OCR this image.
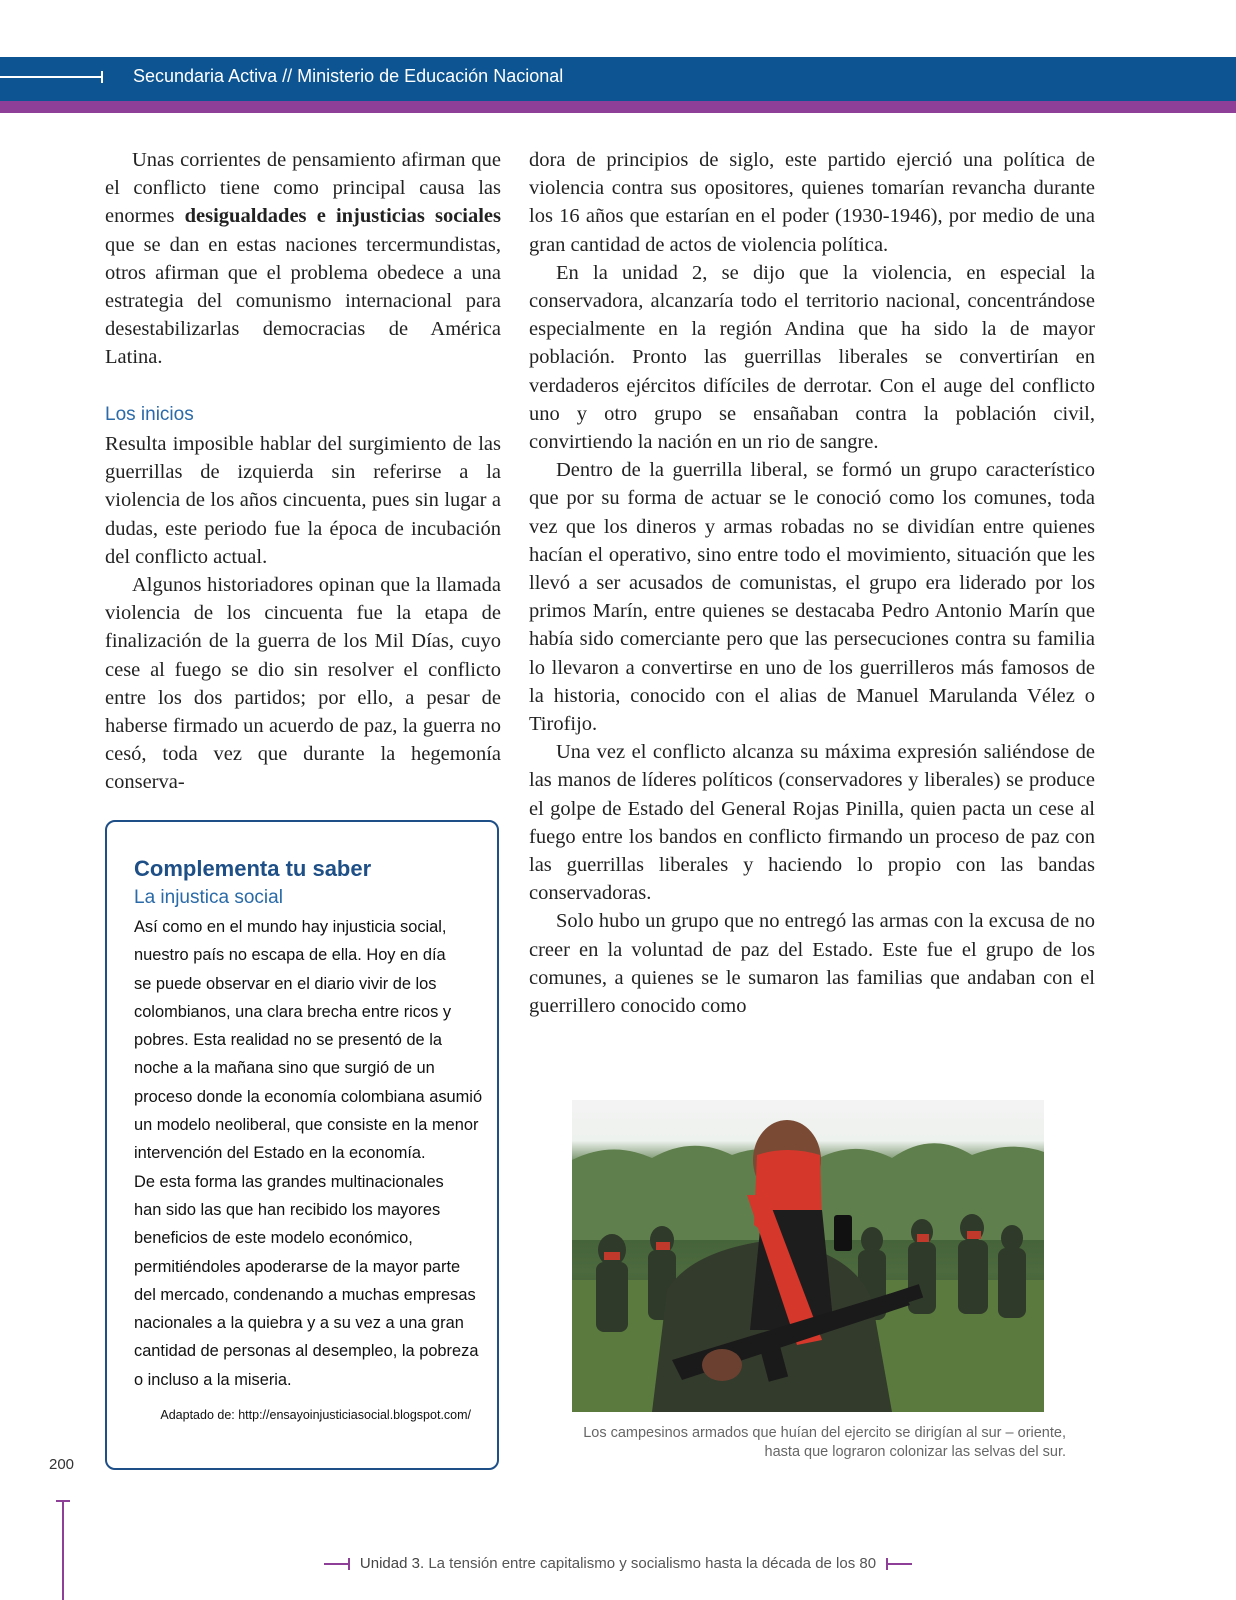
Secundaria Activa // Ministerio de Educación Nacional

Unas corrientes de pensamiento afirman que el conflicto tiene como principal causa las enormes desigualdades e injusticias sociales que se dan en estas naciones tercermundistas, otros afirman que el problema obedece a una estrategia del comunismo internacional para desestabilizarlas democracias de América Latina.

Los inicios

Resulta imposible hablar del surgimiento de las guerrillas de izquierda sin referirse a la violencia de los años cincuenta, pues sin lugar a dudas, este periodo fue la época de incubación del conflicto actual.

Algunos historiadores opinan que la llamada violencia de los cincuenta fue la etapa de finalización de la guerra de los Mil Días, cuyo cese al fuego se dio sin resolver el conflicto entre los dos partidos; por ello, a pesar de haberse firmado un acuerdo de paz, la guerra no cesó, toda vez que durante la hegemonía conserva-

dora de principios de siglo, este partido ejerció una política de violencia contra sus opositores, quienes tomarían revancha durante los 16 años que estarían en el poder (1930-1946), por medio de una gran cantidad de actos de violencia política.

En la unidad 2, se dijo que la violencia, en especial la conservadora, alcanzaría todo el territorio nacional, concentrándose especialmente en la región Andina que ha sido la de mayor población. Pronto las guerrillas liberales se convertirían en verdaderos ejércitos difíciles de derrotar. Con el auge del conflicto uno y otro grupo se ensañaban contra la población civil, convirtiendo la nación en un rio de sangre.

Dentro de la guerrilla liberal, se formó un grupo característico que por su forma de actuar se le conoció como los comunes, toda vez que los dineros y armas robadas no se dividían entre quienes hacían el operativo, sino entre todo el movimiento, situación que les llevó a ser acusados de comunistas, el grupo era liderado por los primos Marín, entre quienes se destacaba Pedro Antonio Marín que había sido comerciante pero que las persecuciones contra su familia lo llevaron a convertirse en uno de los guerrilleros más famosos de la historia, conocido con el alias de Manuel Marulanda Vélez o Tirofijo.

Una vez el conflicto alcanza su máxima expresión saliéndose de las manos de líderes políticos (conservadores y liberales) se produce el golpe de Estado del General Rojas Pinilla, quien pacta un cese al fuego entre los bandos en conflicto firmando un proceso de paz con las guerrillas liberales y haciendo lo propio con las bandas conservadoras.

Solo hubo un grupo que no entregó las armas con la excusa de no creer en la voluntad de paz del Estado. Este fue el grupo de los comunes, a quienes se le sumaron las familias que andaban con el guerrillero conocido como

Complementa tu saber
La injustica social
Así como en el mundo hay injusticia social,
nuestro país no escapa de ella. Hoy en día
se puede observar en el diario vivir de los
colombianos, una clara brecha entre ricos y
pobres. Esta realidad no se presentó de la
noche a la mañana sino que surgió de un
proceso donde la economía colombiana asumió
un modelo neoliberal, que consiste en la menor
intervención del Estado en la economía.
De esta forma las grandes multinacionales
han sido las que han recibido los mayores
beneficios de este modelo económico,
permitiéndoles apoderarse de la mayor parte
del mercado, condenando a muchas empresas
nacionales a la quiebra y a su vez a una gran
cantidad de personas al desempleo, la pobreza
o incluso a la miseria.
Adaptado de: http://ensayoinjusticiasocial.blogspot.com/
Los campesinos armados que huían del ejercito se dirigían al sur – oriente,
hasta que lograron colonizar las selvas del sur.
200
Unidad 3. La tensión entre capitalismo y socialismo hasta la década de los 80
